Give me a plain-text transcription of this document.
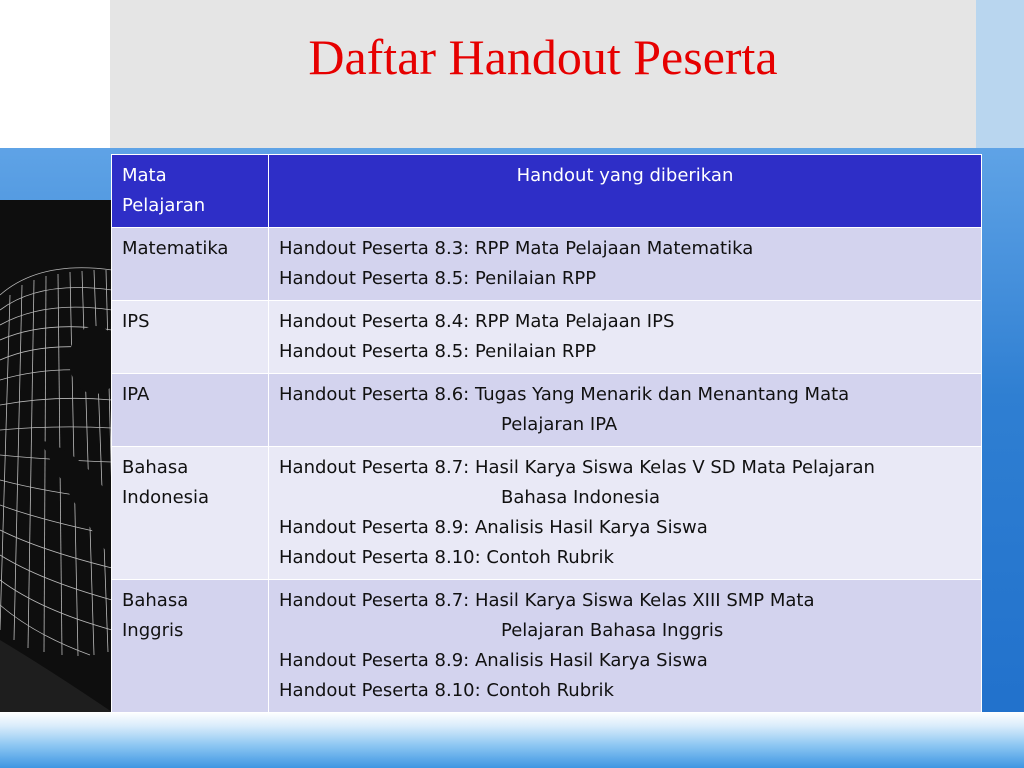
Daftar Handout Peserta
Mata
Pelajaran	Handout yang diberikan

Matematika	Handout Peserta 8.3: RPP Mata Pelajaan Matematika
Handout Peserta 8.5: Penilaian RPP

IPS	Handout Peserta 8.4: RPP Mata Pelajaan IPS
Handout Peserta 8.5: Penilaian RPP

IPA	Handout Peserta 8.6: Tugas Yang Menarik dan Menantang Mata
Pelajaran IPA

Bahasa
Indonesia	Handout Peserta 8.7: Hasil Karya Siswa Kelas V SD Mata Pelajaran
Bahasa Indonesia
Handout Peserta 8.9: Analisis Hasil Karya Siswa
Handout Peserta 8.10: Contoh Rubrik

Bahasa
Inggris	Handout Peserta 8.7: Hasil Karya Siswa Kelas XIII SMP Mata
Pelajaran Bahasa Inggris
Handout Peserta 8.9: Analisis Hasil Karya Siswa
Handout Peserta 8.10: Contoh Rubrik
